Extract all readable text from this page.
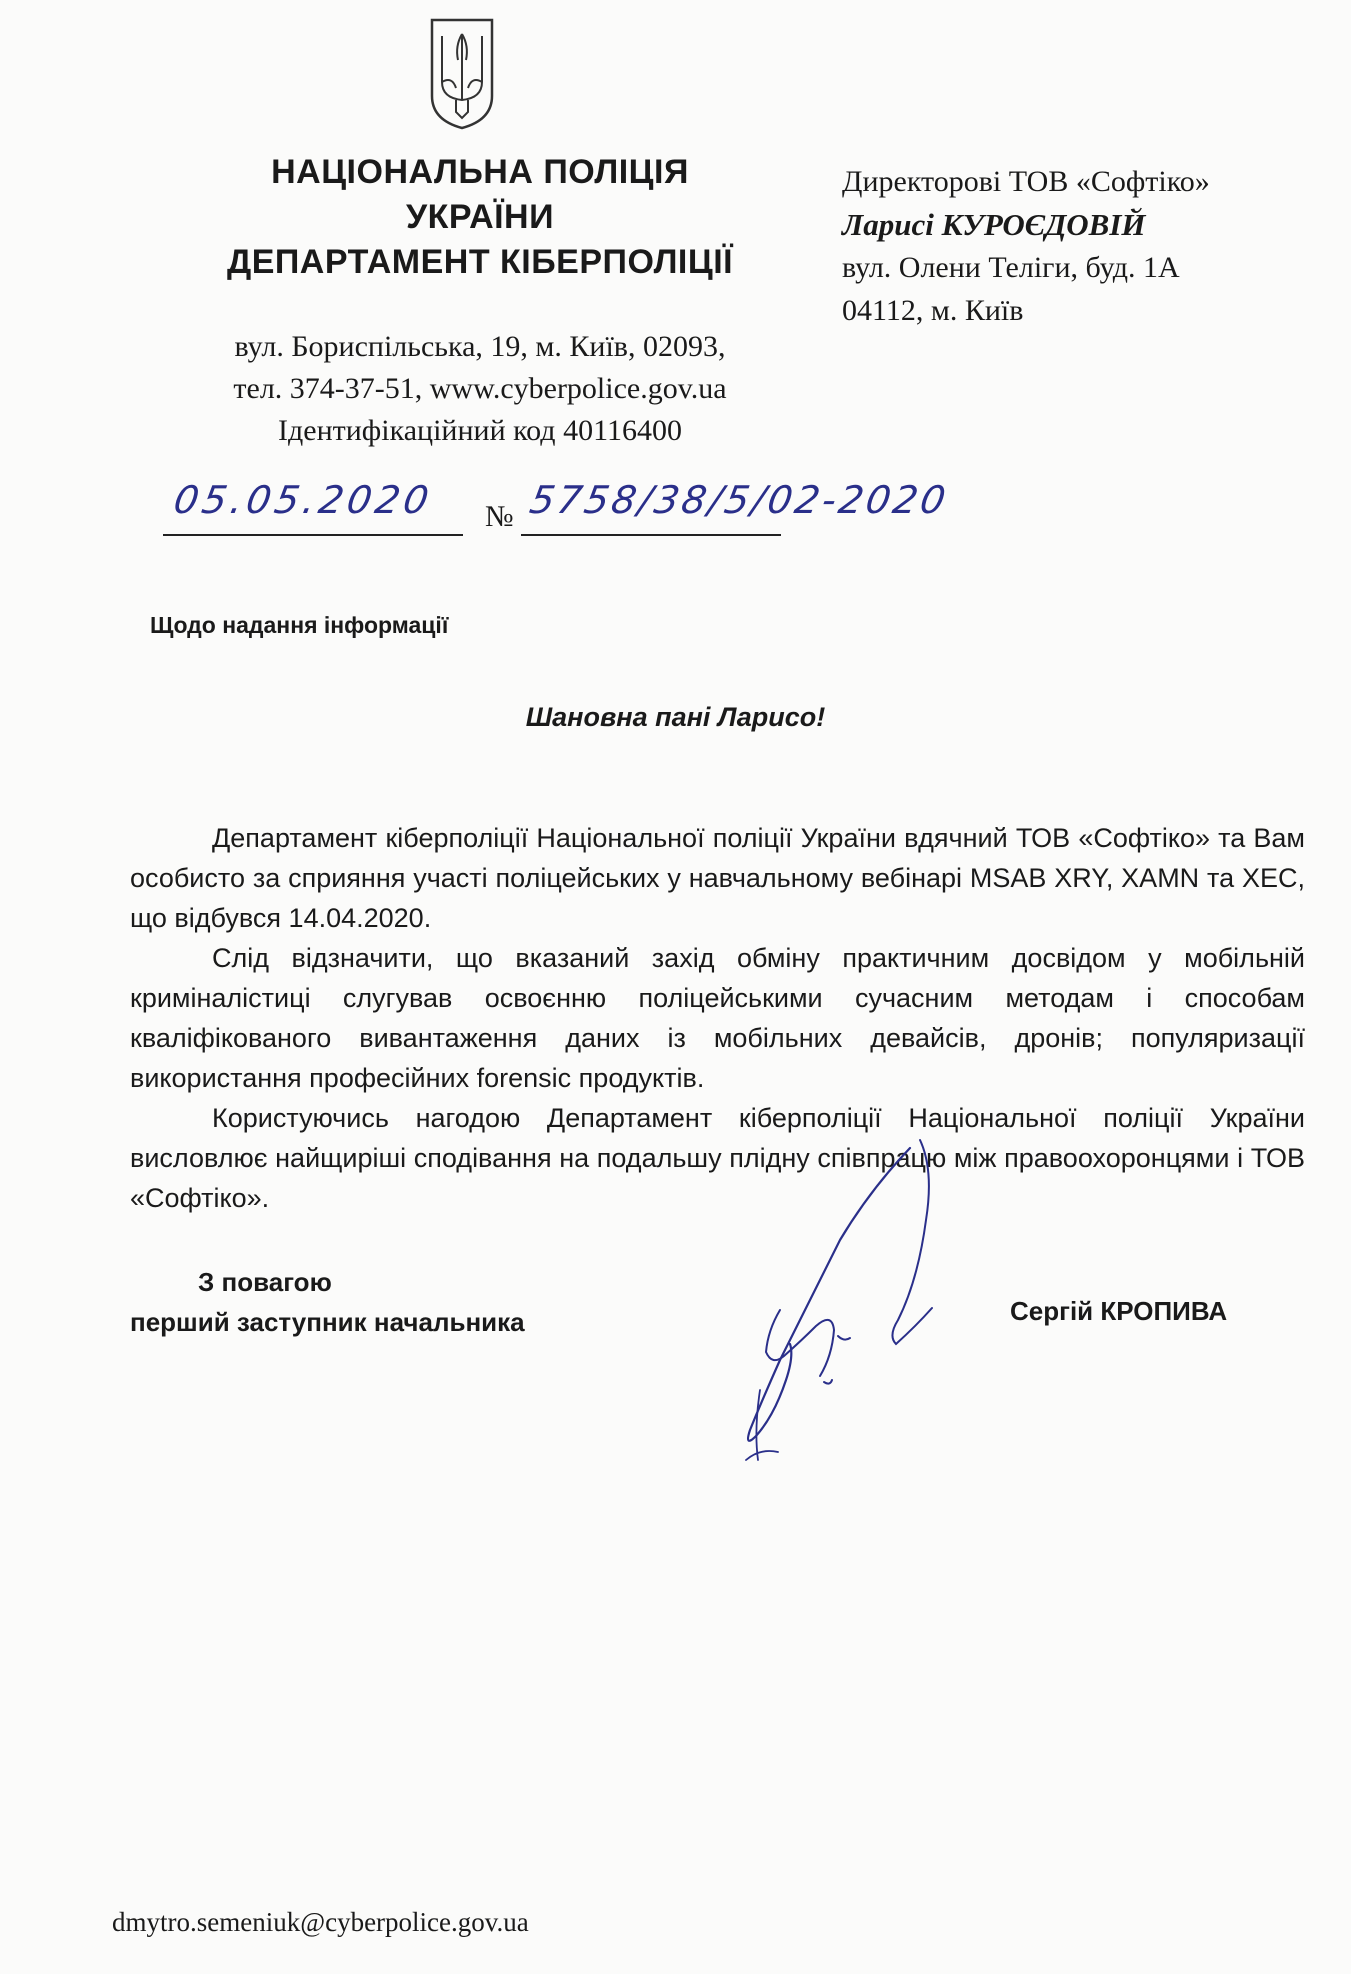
НАЦІОНАЛЬНА ПОЛІЦІЯ
УКРАЇНИ
ДЕПАРТАМЕНТ КІБЕРПОЛІЦІЇ
вул. Бориспільська, 19, м. Київ, 02093,
тел. 374-37-51, www.cyberpolice.gov.ua
Ідентифікаційний код 40116400
Директорові ТОВ «Софтіко»
Ларисі КУРОЄДОВІЙ
вул. Олени Теліги, буд. 1А
04112, м. Київ
05.05.2020	№ 5758/38/5/02-2020
Щодо надання інформації
Шановна пані Ларисо!

Департамент кіберполіції Національної поліції України вдячний ТОВ «Софтіко» та Вам особисто за сприяння участі поліцейських у навчальному вебінарі MSAB XRY, XAMN та XEC, що відбувся 14.04.2020.

Слід відзначити, що вказаний захід обміну практичним досвідом у мобільній криміналістиці слугував освоєнню поліцейськими сучасним методам і способам кваліфікованого вивантаження даних із мобільних девайсів, дронів; популяризації використання професійних forensic продуктів.

Користуючись нагодою Департамент кіберполіції Національної поліції України висловлює найщиріші сподівання на подальшу плідну співпрацю між правоохоронцями і ТОВ «Софтіко».

З повагою
перший заступник начальника	Сергій КРОПИВА
dmytro.semeniuk@cyberpolice.gov.ua
